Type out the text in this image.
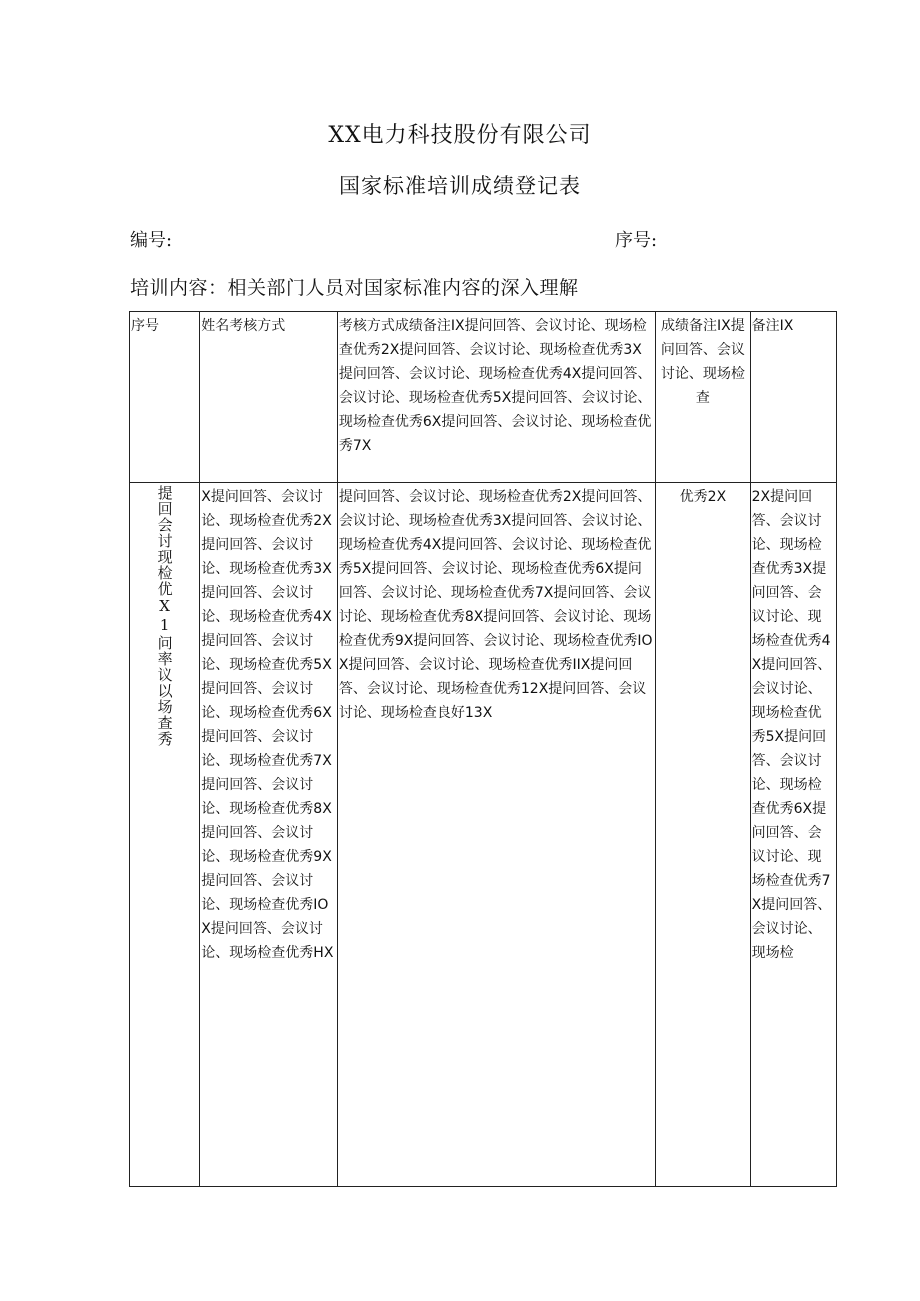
XX电力科技股份有限公司
国家标准培训成绩登记表
编号:	序号:
培训内容：相关部门人员对国家标准内容的深入理解
序号	姓名考核方式	考核方式成绩备注IX提问回答、会议讨论、现场检查优秀2X提问回答、会议讨论、现场检查优秀3X提问回答、会议讨论、现场检查优秀4X提问回答、会议讨论、现场检查优秀5X提问回答、会议讨论、现场检查优秀6X提问回答、会议讨论、现场检查优秀7X	成绩备注IX提问回答、会议讨论、现场检查	备注IX

提回会讨现检优X1问率议以场查秀	X提问回答、会议讨论、现场检查优秀2X提问回答、会议讨论、现场检查优秀3X提问回答、会议讨论、现场检查优秀4X提问回答、会议讨论、现场检查优秀5X提问回答、会议讨论、现场检查优秀6X提问回答、会议讨论、现场检查优秀7X提问回答、会议讨论、现场检查优秀8X提问回答、会议讨论、现场检查优秀9X提问回答、会议讨论、现场检查优秀IOX提问回答、会议讨论、现场检查优秀HX	提问回答、会议讨论、现场检查优秀2X提问回答、会议讨论、现场检查优秀3X提问回答、会议讨论、现场检查优秀4X提问回答、会议讨论、现场检查优秀5X提问回答、会议讨论、现场检查优秀6X提问回答、会议讨论、现场检查优秀7X提问回答、会议讨论、现场检查优秀8X提问回答、会议讨论、现场检查优秀9X提问回答、会议讨论、现场检查优秀IOX提问回答、会议讨论、现场检查优秀IIX提问回答、会议讨论、现场检查优秀12X提问回答、会议讨论、现场检查良好13X	优秀2X	2X提问回答、会议讨论、现场检查优秀3X提问回答、会议讨论、现场检查优秀4X提问回答、会议讨论、现场检查优秀5X提问回答、会议讨论、现场检查优秀6X提问回答、会议讨论、现场检查优秀7X提问回答、会议讨论、现场检
